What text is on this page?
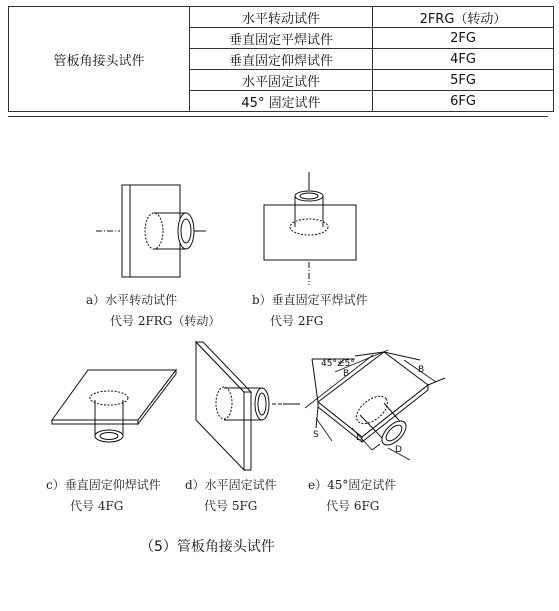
管板角接头试件	水平转动试件	2FRG（转动）
	垂直固定平焊试件	2FG
	垂直固定仰焊试件	4FG
	水平固定试件	5FG
	45° 固定试件	6FG
45°±5°
B	B
S	L
D
a）水平转动试件
代号 2FRG（转动）
b）垂直固定平焊试件
代号 2FG
c）垂直固定仰焊试件
代号 4FG
d）水平固定试件
代号 5FG
e）45°固定试件
代号 6FG
（5）管板角接头试件
